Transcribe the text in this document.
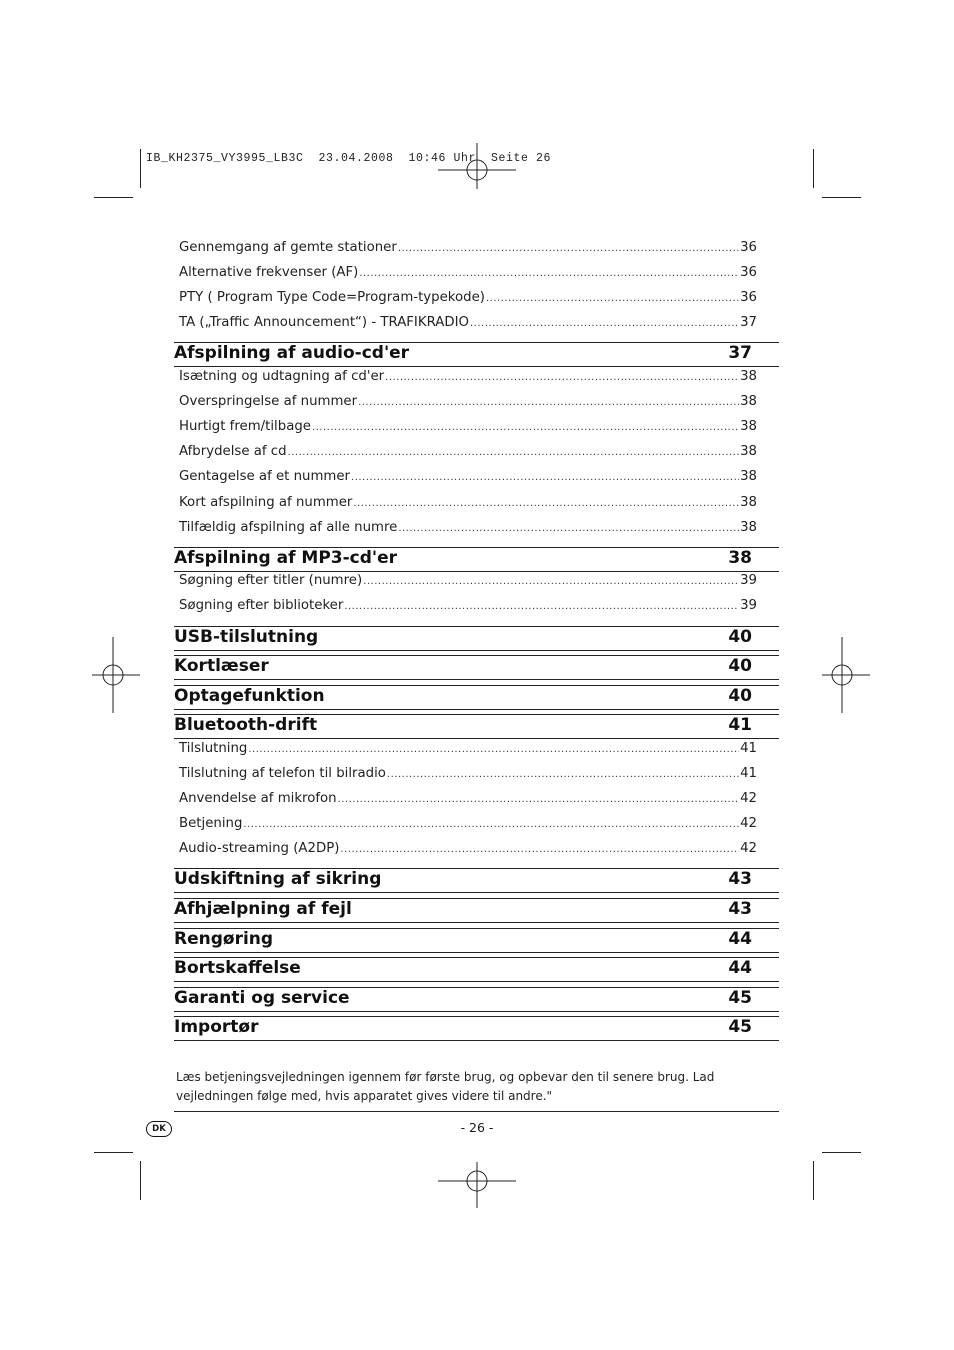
IB_KH2375_VY3995_LB3C  23.04.2008  10:46 Uhr  Seite 26
Gennemgang af gemte stationer .....	36
Alternative frekvenser (AF) .....	36
PTY ( Program Type Code=Program-typekode) .....	36
TA („Traffic Announcement“) - TRAFIKRADIO .....	37
Afspilning af audio-cd'er	37
Isætning og udtagning af cd'er .....	38
Overspringelse af nummer .....	38
Hurtigt frem/tilbage .....	38
Afbrydelse af cd .....	38
Gentagelse af et nummer .....	38
Kort afspilning af nummer .....	38
Tilfældig afspilning af alle numre .....	38
Afspilning af MP3-cd'er	38
Søgning efter titler (numre) .....	39
Søgning efter biblioteker .....	39
USB-tilslutning	40
Kortlæser	40
Optagefunktion	40
Bluetooth-drift	41
Tilslutning .....	41
Tilslutning af telefon til bilradio .....	41
Anvendelse af mikrofon .....	42
Betjening .....	42
Audio-streaming (A2DP) .....	42
Udskiftning af sikring	43
Afhjælpning af fejl	43
Rengøring	44
Bortskaffelse	44
Garanti og service	45
Importør	45
Læs betjeningsvejledningen igennem før første brug, og opbevar den til senere brug. Lad vejledningen følge med, hvis apparatet gives videre til andre."
DK	- 26 -
